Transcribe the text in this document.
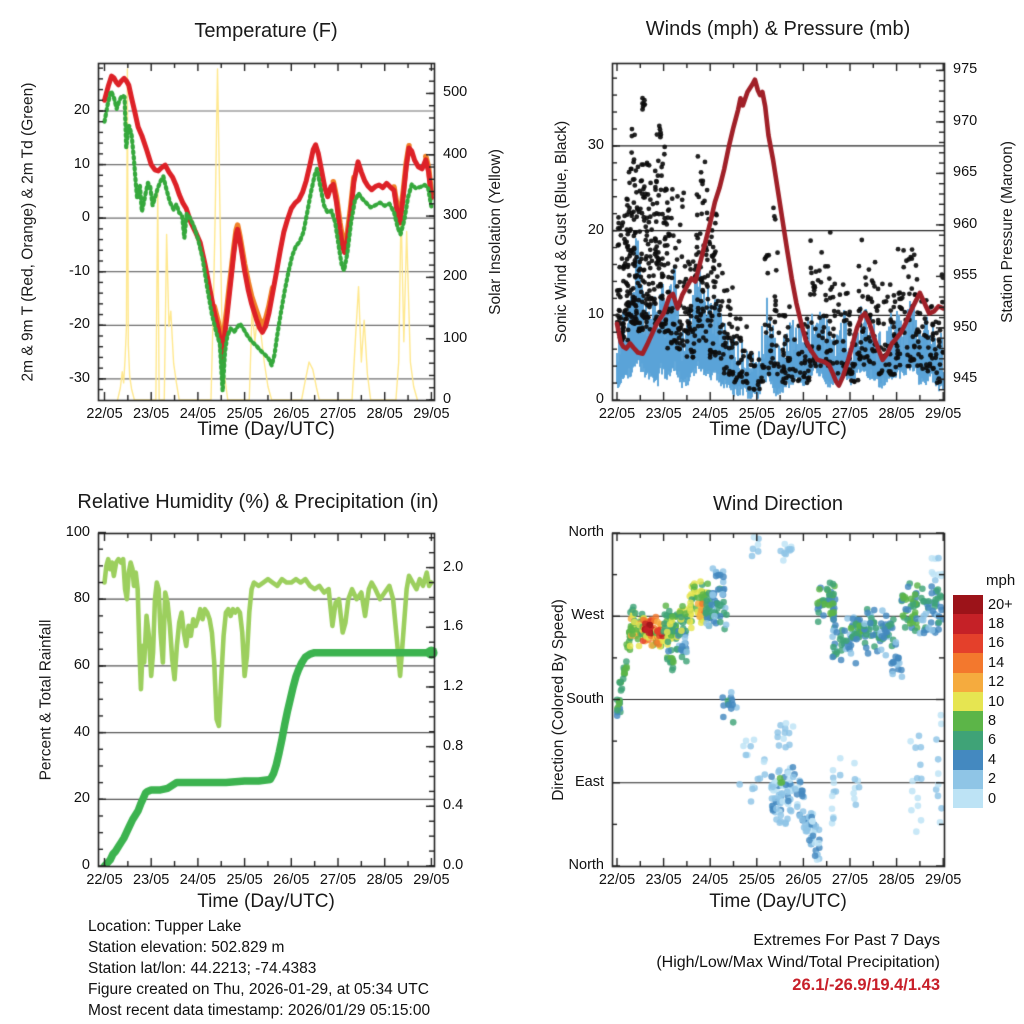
Temperature (F)	Winds (mph) & Pressure (mb)
Relative Humidity (%) & Precipitation (in)	Wind Direction
Time (Day/UTC)	Time (Day/UTC)
Time (Day/UTC)	Time (Day/UTC)
2m & 9m T (Red, Orange) & 2m Td (Green)	Solar Insolation (Yellow)	Sonic Wind & Gust (Blue, Black)	Station Pressure (Maroon)
Percent & Total Rainfall	Direction (Colored By Speed)
mph
20+
18
16
14
12
10
8
6
4
2
0
22/05 23/05 24/05 25/05 26/05 27/05 28/05 29/05	22/05 23/05 24/05 25/05 26/05 27/05 28/05 29/05
22/05 23/05 24/05 25/05 26/05 27/05 28/05 29/05	22/05 23/05 24/05 25/05 26/05 27/05 28/05 29/05
20
10
0
-10
-20
-30
500
400
300
200
100
0	0
10
20
30
975
970
965
960
955
950
945
100
80
60
40
20
0
2.0
1.6
1.2
0.8
0.4
0.0
North
West
South
East
North
Location: Tupper Lake
Station elevation: 502.829 m
Station lat/lon: 44.2213; -74.4383
Figure created on Thu, 2026-01-29, at 05:34 UTC
Most recent data timestamp: 2026/01/29 05:15:00
Extremes For Past 7 Days
(High/Low/Max Wind/Total Precipitation)
26.1/-26.9/19.4/1.43
